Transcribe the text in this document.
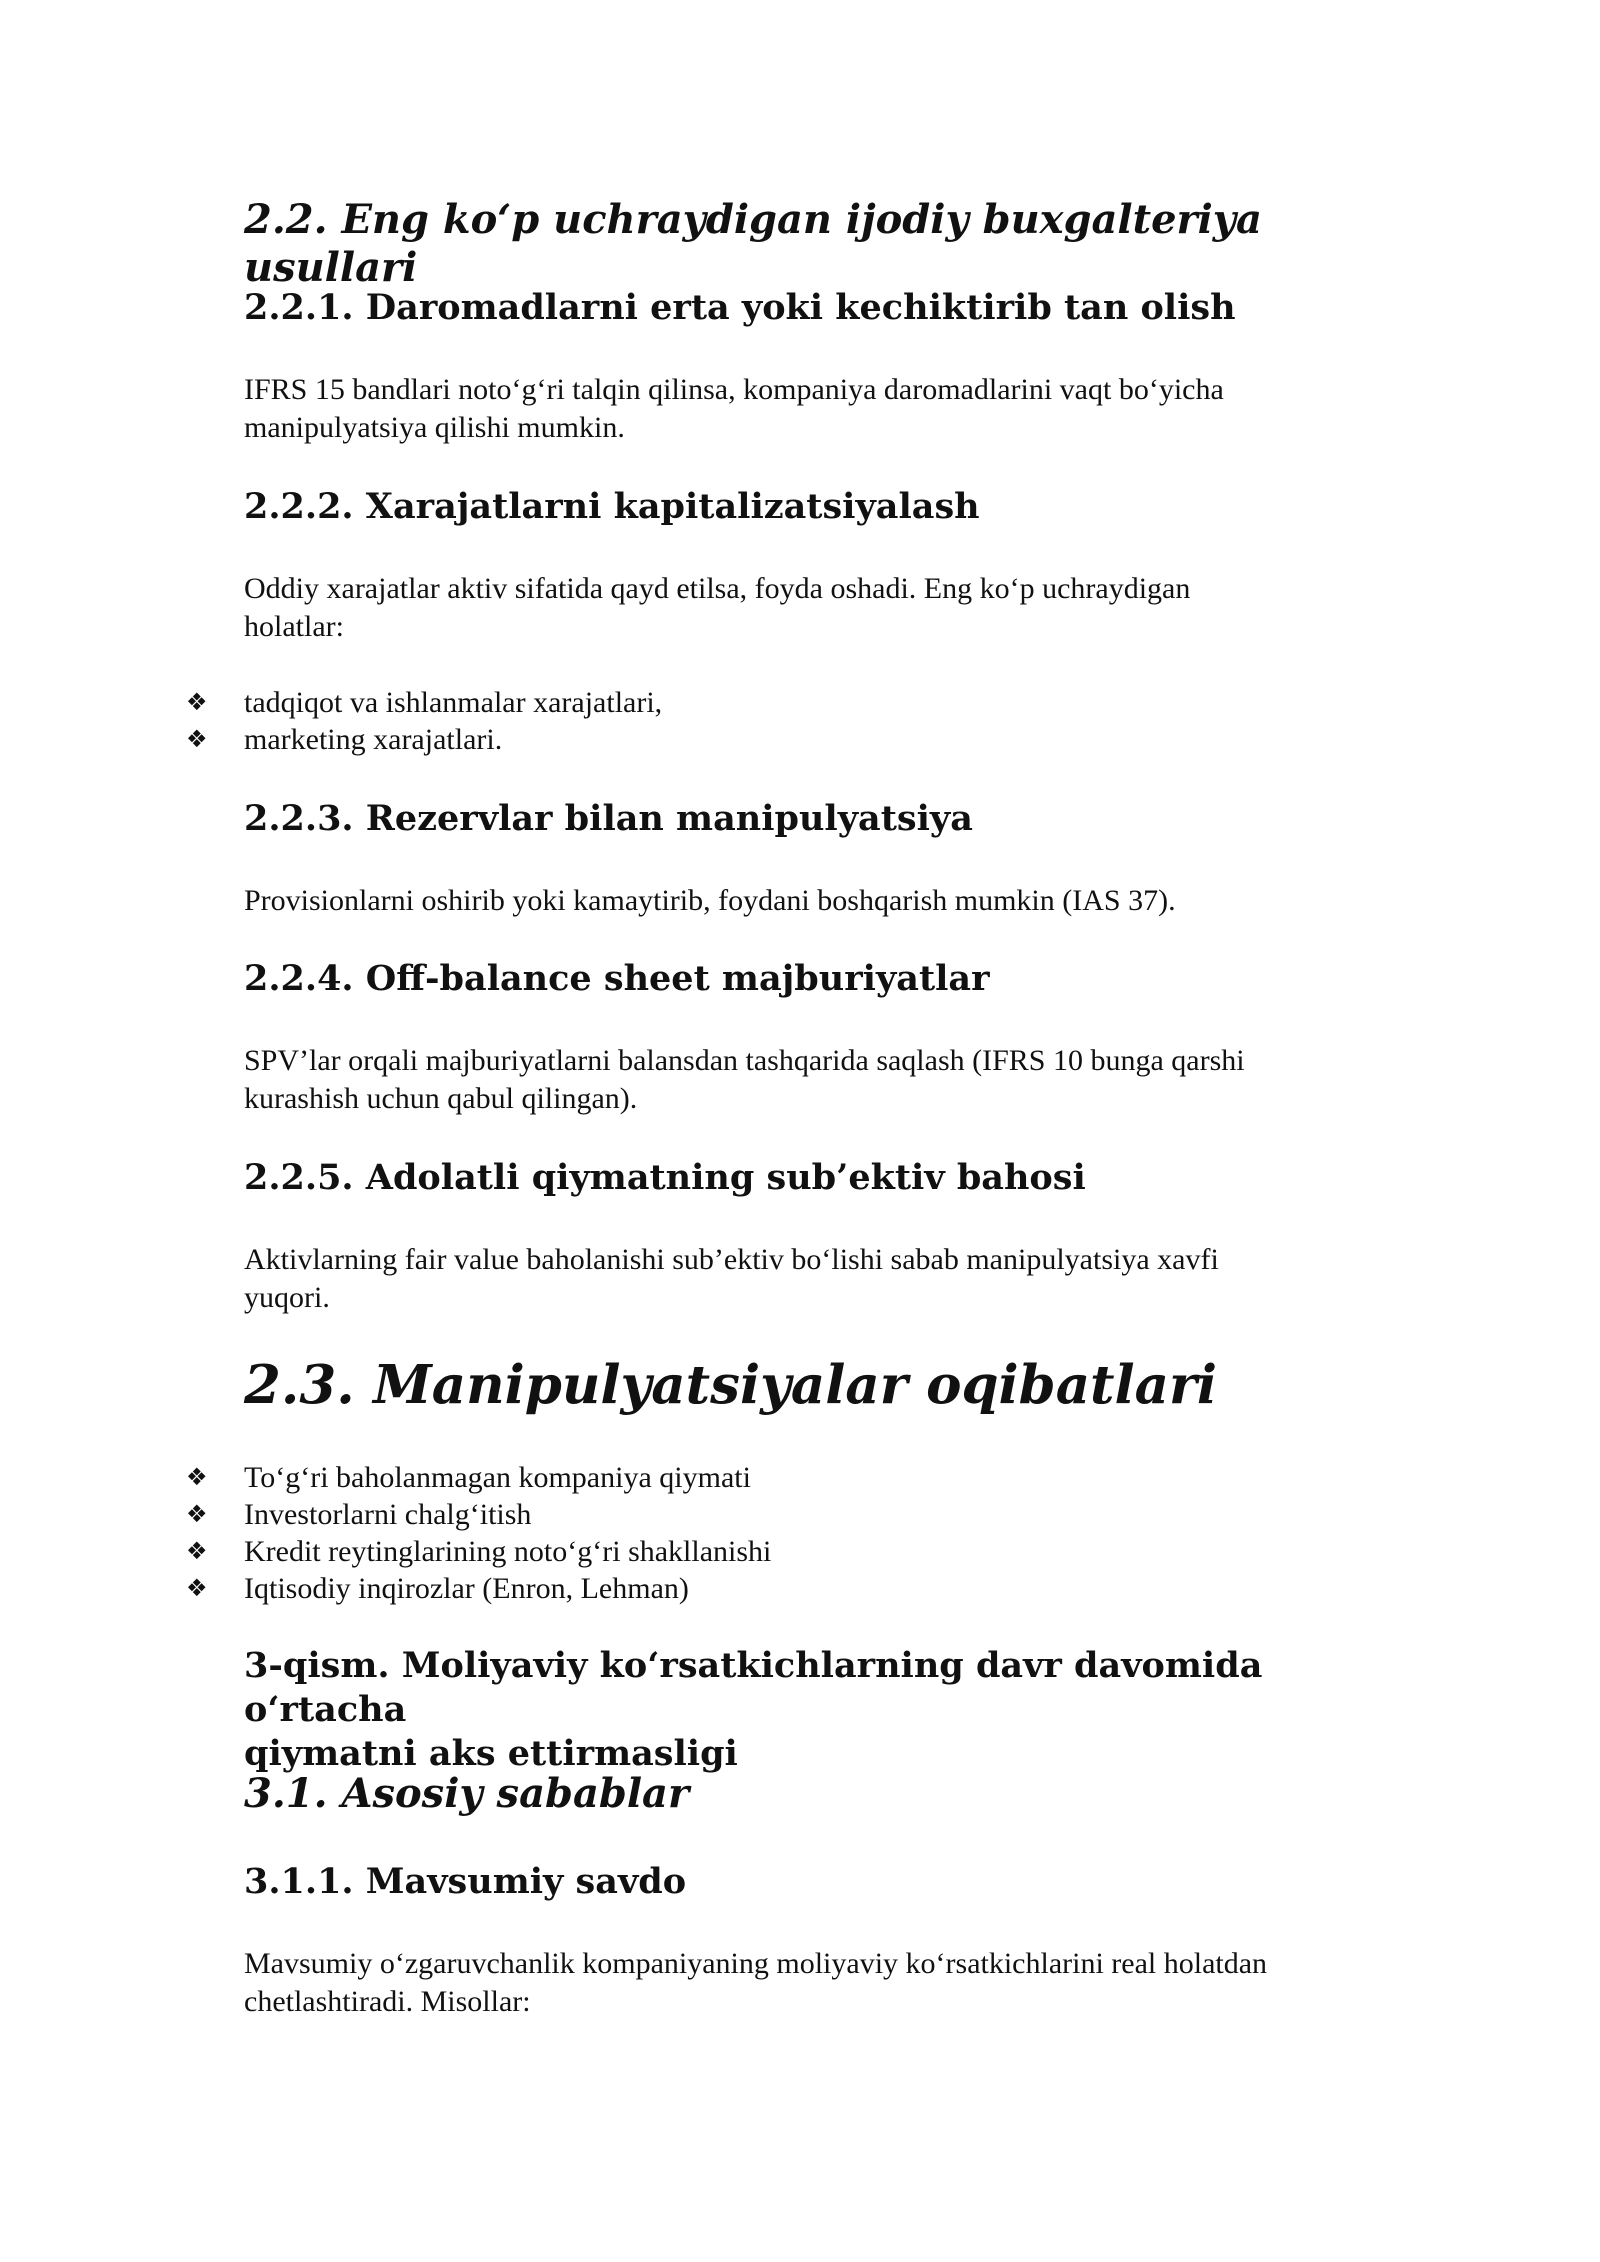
2.2. Eng ko‘p uchraydigan ijodiy buxgalteriya usullari
2.2.1. Daromadlarni erta yoki kechiktirib tan olish

IFRS 15 bandlari noto‘g‘ri talqin qilinsa, kompaniya daromadlarini vaqt bo‘yicha
manipulyatsiya qilishi mumkin.

2.2.2. Xarajatlarni kapitalizatsiyalash

Oddiy xarajatlar aktiv sifatida qayd etilsa, foyda oshadi. Eng ko‘p uchraydigan
holatlar:

❖	tadqiqot va ishlanmalar xarajatlari,
❖	marketing xarajatlari.
2.2.3. Rezervlar bilan manipulyatsiya

Provisionlarni oshirib yoki kamaytirib, foydani boshqarish mumkin (IAS 37).

2.2.4. Off-balance sheet majburiyatlar

SPV’lar orqali majburiyatlarni balansdan tashqarida saqlash (IFRS 10 bunga qarshi
kurashish uchun qabul qilingan).

2.2.5. Adolatli qiymatning sub’ektiv bahosi

Aktivlarning fair value baholanishi sub’ektiv bo‘lishi sabab manipulyatsiya xavfi
yuqori.

2.3. Manipulyatsiyalar oqibatlari
❖	To‘g‘ri baholanmagan kompaniya qiymati
❖	Investorlarni chalg‘itish
❖	Kredit reytinglarining noto‘g‘ri shakllanishi
❖	Iqtisodiy inqirozlar (Enron, Lehman)
3-qism. Moliyaviy ko‘rsatkichlarning davr davomida o‘rtacha
qiymatni aks ettirmasligi
3.1. Asosiy sabablar
3.1.1. Mavsumiy savdo

Mavsumiy o‘zgaruvchanlik kompaniyaning moliyaviy ko‘rsatkichlarini real holatdan
chetlashtiradi. Misollar:
